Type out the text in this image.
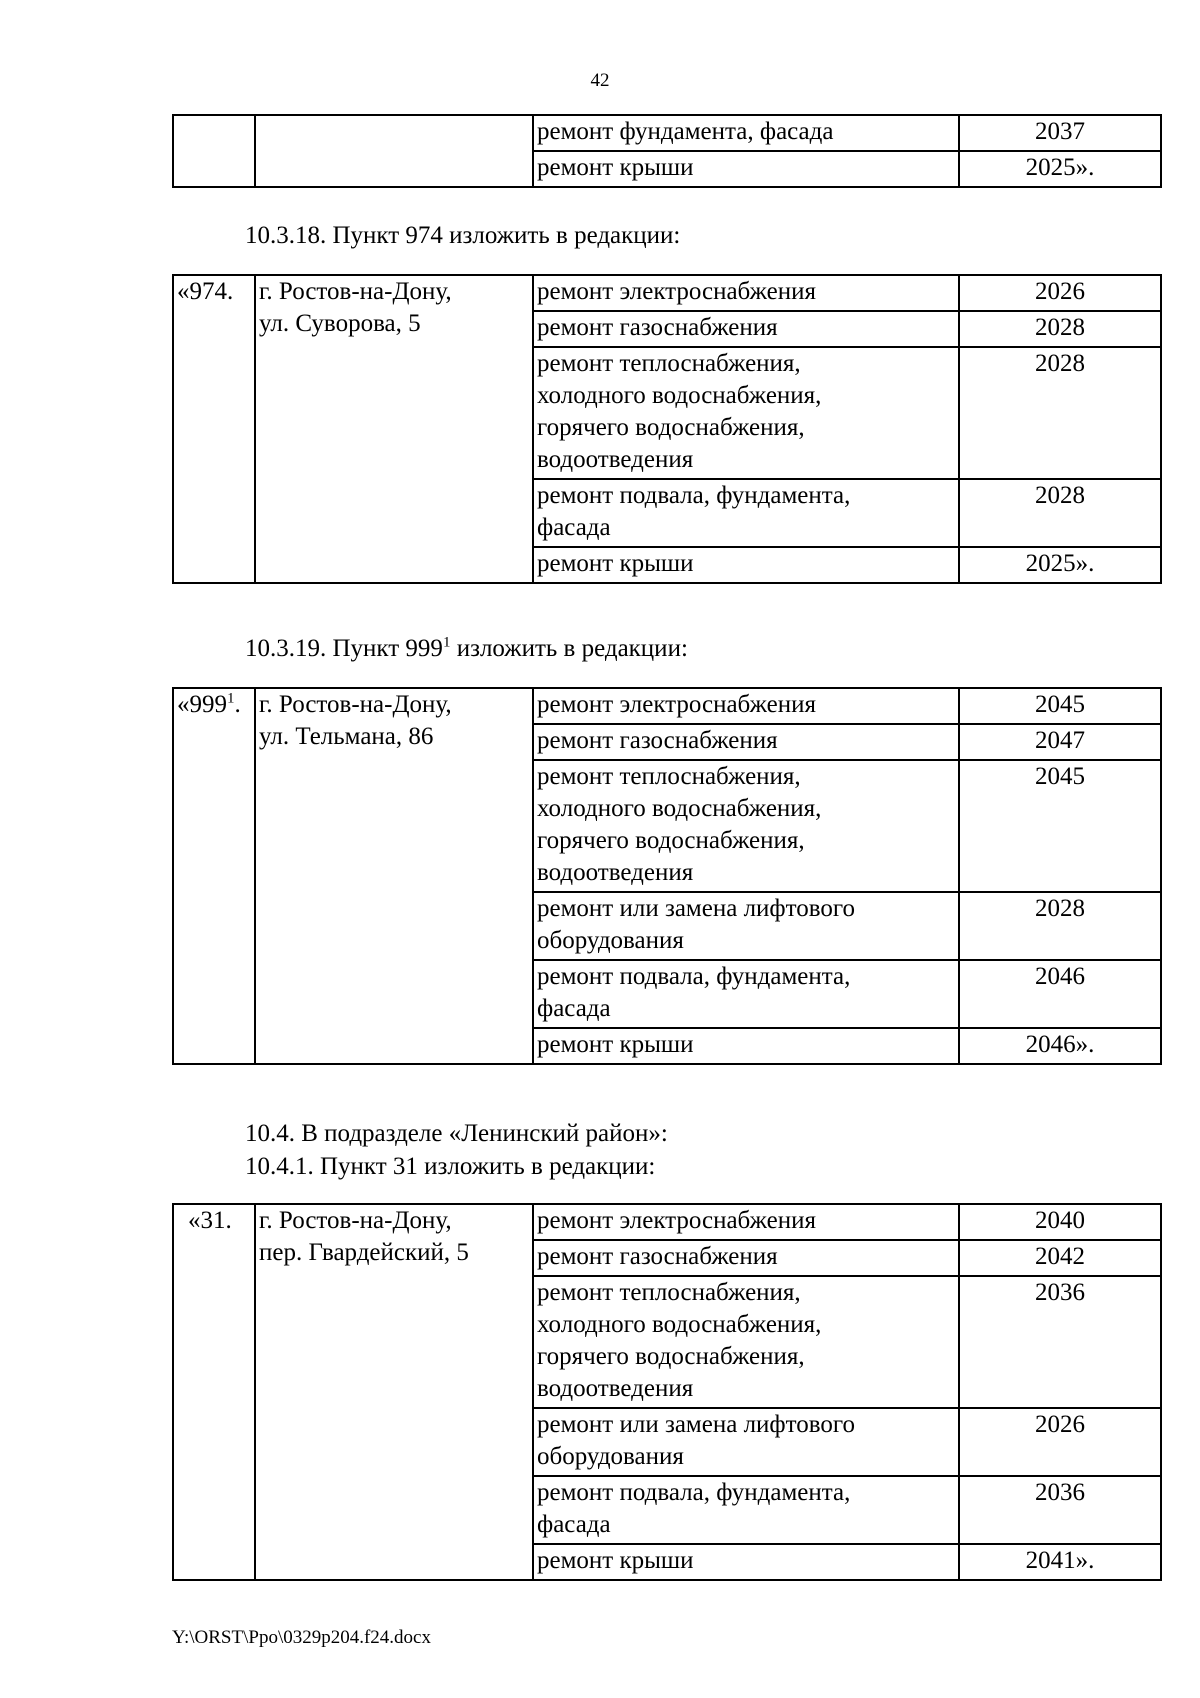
42
		ремонт фундамента, фасада	2037
		ремонт крыши	2025».
10.3.18. Пункт 974 изложить в редакции:
«974.	г. Ростов-на-Дону,
ул. Суворова, 5	ремонт электроснабжения	2026
		ремонт газоснабжения	2028
		ремонт теплоснабжения,
холодного водоснабжения,
горячего водоснабжения,
водоотведения	2028
		ремонт подвала, фундамента,
фасада	2028
		ремонт крыши	2025».
10.3.19. Пункт $999^1$ изложить в редакции:
«$999^1$.	г. Ростов-на-Дону,
ул. Тельмана, 86	ремонт электроснабжения	2045
		ремонт газоснабжения	2047
		ремонт теплоснабжения,
холодного водоснабжения,
горячего водоснабжения,
водоотведения	2045
		ремонт или замена лифтового
оборудования	2028
		ремонт подвала, фундамента,
фасада	2046
		ремонт крыши	2046».
10.4. В подразделе «Ленинский район»:
10.4.1. Пункт 31 изложить в редакции:
«31.	г. Ростов-на-Дону,
пер. Гвардейский, 5	ремонт электроснабжения	2040
		ремонт газоснабжения	2042
		ремонт теплоснабжения,
холодного водоснабжения,
горячего водоснабжения,
водоотведения	2036
		ремонт или замена лифтового
оборудования	2026
		ремонт подвала, фундамента,
фасада	2036
		ремонт крыши	2041».
Y:\ORST\Ppo\0329p204.f24.docx
